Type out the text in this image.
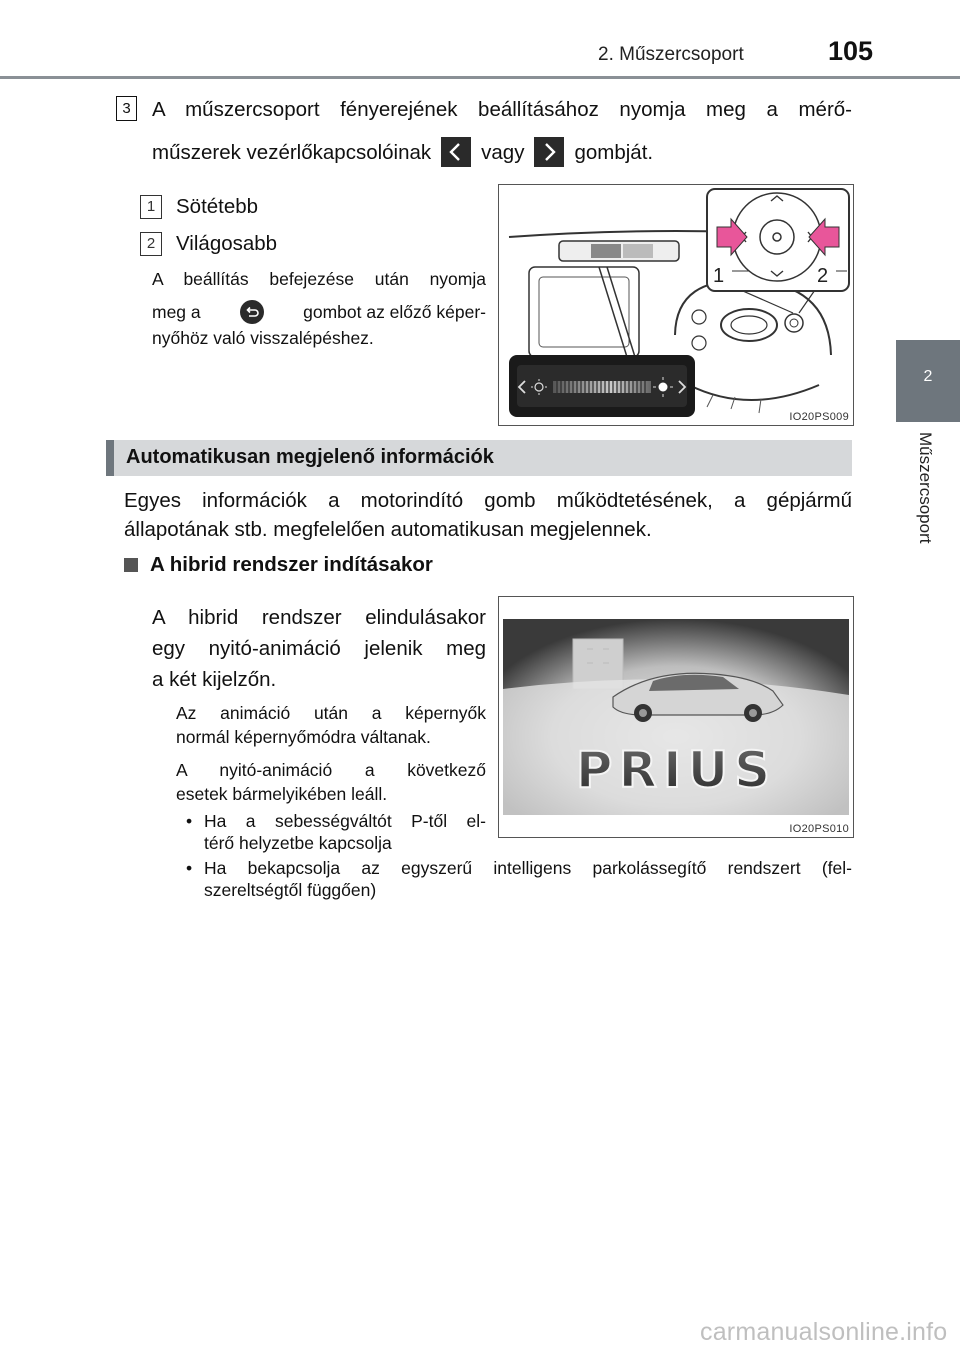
2. Műszercsoport	105
2
Műszercsoport
3	A műszercsoport fényerejének beállításához nyomja meg a mérő-
műszerek vezérlőkapcsolóinak vagy gombját.
1	Sötétebb
2	Világosabb
A beállítás befejezése után nyomja
meg a	gombot az előző képer-
nyőhöz való visszalépéshez.
1	2
IO20PS009
Automatikusan megjelenő információk
Egyes információk a motorindító gomb működtetésének, a gépjármű
állapotának stb. megfelelően automatikusan megjelennek.
A hibrid rendszer indításakor
A hibrid rendszer elindulásakor
egy nyitó-animáció jelenik meg
a két kijelzőn.
Az animáció után a képernyők
normál képernyőmódra váltanak.
A nyitó-animáció a következő
esetek bármelyikében leáll.
• Ha a sebességváltót P-től el-
térő helyzetbe kapcsolja
• Ha bekapcsolja az egyszerű intelligens parkolássegítő rendszert (fel-
szereltségtől függően)
PRIUS
IO20PS010
carmanualsonline.info
